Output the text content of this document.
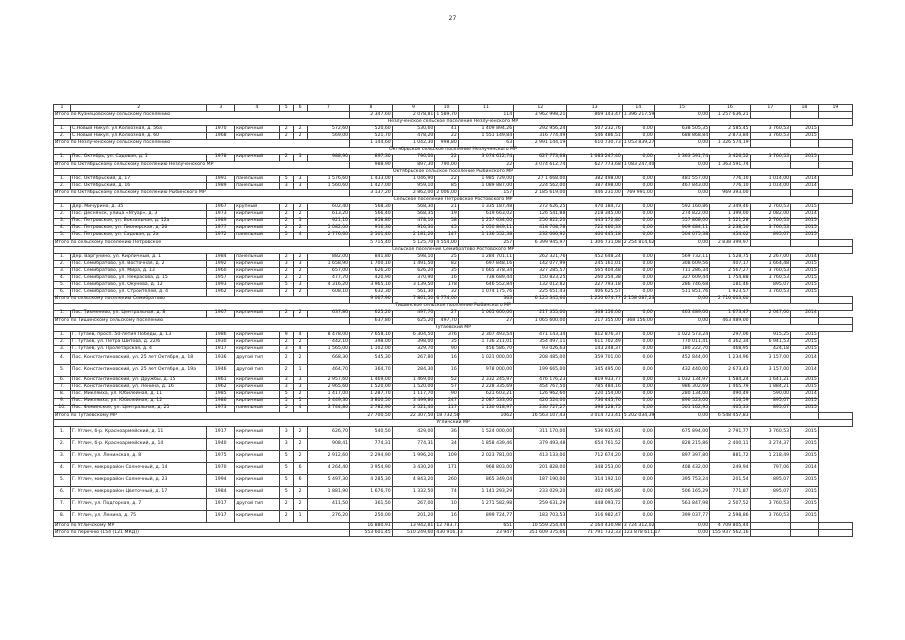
27
1	2	3	4	5	6	7	8	9	10	11	12	13	14	15	16	17	18	19
Итого по Кузнецовскому сельскому поселению							2 347,60	2 078,81	1 589,70	114	3 962 998,21	869 143,47	1 396 217,59	0,00	1 257 636,21			
Незлученское сельское поселение Незлученского МР																		
1.	С.Новый Никул. ул.Колхозная, д. 56а	1970	кирпичный	2	2	572,60	520,60	530,60	41	1 409 894,26	292 956,24	507 232,76	0,00	638 505,35	2 585,45	3 760,53	2015	
2.	С.Новый Никул. ул.Колхозная, д. 60	1968	кирпичный	2	2	569,00	521,70	478,20	22	1 551 149,84	316 774,49	546 486,51	0,00	688 868,84	2 873,84	3 760,53	2015	
Итого по Незлученскому сельскому поселению							1 144,60	1 042,30	998,80	63	2 991 144,19	610 730,73	1 053 839,27	0,00	1 326 574,19			
Октябрьское сельское поселение Незлученского МР																		
1.	Пос. Октябрь, ул. Садовая, д. 1	1978	кирпичный	2	3	988,90	897,30	790,00	22	3 074 612,74	627 773,68	1 083 247,40	0,00	1 363 591,74	3 426,52	3 760,53	2015	
Итого по Октябрьскому сельскому поселению Незлученского МР							988,90	897,30	790,00	22	3 074 612,74	627 773,68	1 083 247,40	0,00	1 363 591,74			
Октябрьское сельское поселение Рыбинского МР																		
1.	Пос. Октябрьский, д. 17	1991	панельный	5	3	1 576,60	1 433,00	1 046,90	22	1 985 729,00	27 1 668,00	382 498,00	0,00	481 557,00	776,10	1 014,00	2014	
2.	Пос. Октябрьский, д. 16	1989	панельный	3	3	1 560,60	1 427,00	959,10	85	1 089 887,00	224 562,00	387 498,00	0,00	467 843,00	776,10	1 014,00	2014	
Итого по Октябрьскому сельскому поселению Рыбинского МР							3 137,20	2 862,00	2 006,00	157	2 185 619,00	446 231,00	769 991,00	0,00	969 393,00			
Сельское поселение Петровское Ростовского МР																		
1.	Дер. Мичурино, д. 35	1967	крупный	2	2	602,40	568,30	568,30	21	1 335 187,48	272 626,25	470 184,72	0,00	592 160,86	2 349,46	2 760,53	2015	
2.	Пос. Деснянск, улица «Ягуар», д. 3	1973	кирпичный	2	2	613,20	566,40	568,35	19	619 663,02	126 541,88	218 345,00	0,00	274 822,00	1 399,00	2 082,00	2014	
3.	Пос. Петровское, ул. Вокзальная, д. 12а	1989	кирпичный	2	3	921,10	858,80	478,10	58	1 257 634,00	256 822,20	443 172,80	0,00	557 868,00	1 521,28	2 760,53	2015	
4.	Пос. Петровское, ул. Пионерская, д. 26	1977	кирпичный	2	2	1 082,00	916,30	916,30	45	2 050 849,11	418 708,78	722 460,33	0,00	909 484,11	2 238,50	3 760,53	2015	
5.	Пос. Петровское, ул. Садовая, д. 2а	1972	панельный	5	4	2 776,60	2 501,40	2 181,20	147	1 136 552,38	232 066,92	400 445,18	0,00	504 075,38	454,02	895,07	2015	
Итого по сельскому поселению Петровское							5 715,40	5 125,70	4 554,00	257	6 399 945,97	1 306 731,08	2 254 814,62	0,00	2 838 399,97			
Сельское поселение Семибратово Ростовского МР																		
1.	Дер. Варгунино, ул. Кирпичный, д. 1	1984	панельный	2	2	882,00	841,80	598,10	25	1 284 701,11	262 321,76	452 648,24	0,00	569 732,11	1 528,75	2 267,00	2014	
2.	Пос. Семибратово, ул. Восточная, д. 2	1992	кирпичный	3	3	1 658,90	1 700,10	1 491,50	82	697 848,16	142 077,99	245 161,01	0,00	308 609,56	407,17	1 664,48	2015	
3.	Пос. Семибратово, ул. Мира, д. 13	1960	кирпичный	2	2	657,00	626,20	626,20	35	1 665 378,34	327 285,57	565 404,48	0,00	711 286,34	2 567,27	3 760,53	2015	
4.	Пос. Семибратово, ул. Некрасова, д. 15	1957	кирпичный	2	2	477,70	420,90	370,90	16	738 689,44	150 823,25	260 254,38	0,00	327 609,44	1 754,88	3 760,53	2015	
5.	Пос. Семибратово, ул. Окунева, д. 12	1993	кирпичный	5	3	4 316,20	3 965,10	3 139,50	178	646 552,84	132 012,82	227 793,18	0,00	286 746,68	181,46	895,07	2015	
6.	Пос. Семибратово, ул. Строителей, д. 4	1962	кирпичный	2	2	608,10	632,30	561,30	32	1 074 175,76	225 651,43	406 625,57	0,00	511 851,76	1 923,57	3 760,53	2015	
Итого по сельскому поселению Семибратово							9 067,90	7 861,50	6 774,00	363	6 125 345,60	1 250 674,77	2 158 087,23	0,00	2 716 603,60			
Тишинское сельское поселение Рыбинского МР																		
1.	Пос. Тихменево, ул. Центральная, д. 8	1967	кирпичный	2	2	637,80	625,20	497,70	27	1 065 600,00	217 355,00	368 156,00	0,00	463 489,00	1 673,47	2 047,00	2014	
Итого по Тишинскому сельскому поселению							637,80	625,20	497,70	27	1 065 600,00	217 355,00	368 156,00	0,00	463 489,00			
Тутаевский МР																		
1.	Г. Тутаев, просп. 50-летия Победы, д. 13	1986	кирпичный	9	4	8 478,00	7 658,10	6 304,50	376	2 307 493,54	471 143,34	812 876,37	0,00	1 022 573,24	297,06	915,25	2015	
2.	Г. Тутаев, ул. Петра Шитова, д. 22/6	1930	кирпичный	2	2	442,10	398,00	398,00	35	1 736 211,01	354 497,11	611 702,49	0,00	770 011,41	4 362,34	6 941,53	2015	
3.	Г. Тутаев, ул. Пролетарская, д. 4	1917	кирпичный	3	4	1 565,00	1 102,00	329,70	90	456 586,70	93 026,63	143 248,37	0,00	180 222,70	468,95	424,18	2015	
4.	Пос. Константиновский, ул. 25 лет Октября, д. 18	1936	другой тип	2	2	668,30	545,30	267,80	16	1 021 000,00	208 485,00	359 701,00	0,00	452 844,00	1 234,96	3 157,00	2014	
5.	Пос. Константиновский, ул. 25 лет Октября, д. 19а	1946	другой тип	2	1	464,70	364,70	284,30	16	978 000,00	199 665,00	345 495,00	0,00	432 440,00	2 673,43	3 157,00	2014	
6.	Пос. Константиновский, ул. Дружбы, д. 15	1961	кирпичный	3	3	2 957,60	1 469,00	1 469,00	52	2 332 245,97	476 176,23	819 933,77	0,00	1 032 134,97	1 584,24	1 641,21	2015	
7.	Пос. Константиновский, ул. Ленина, д. 16	1962	кирпичный	3	3	2 965,60	1 520,00	1 520,00	57	2 228 335,69	454 767,50	785 484,16	0,00	986 302,69	1 465,79	1 884,21	2015	
8.	Пос. Микляиха, ул. Юбилейная, д. 11	1985	кирпичный	5	2	1 417,00	1 287,70	1 117,70	90	621 603,21	126 962,60	220 154,00	0,00	280 134,00	490,49	590,00	2014	
9.	Пос. Микляиха, ул. Юбилейная, д. 12	1986	кирпичный	5	5	3 449,30	3 800,50	3 499,80	247	2 087 533,00	426 524,00	736 445,76	0,00	896 523,00	416,59	895,07	2015	
10.	Пос. Фоминское, ул. Центральная, д. 25	1973	панельный	5	4	3 744,80	2 782,90	2 521,40	117	1 130 018,97	230 727,27	398 128,75	0,00	501 162,95	405,33	895,07	2015	
Итого по Тутаевскому МР							27 700,50	22 307,50	18 732,50	1062	16 563 107,43	3 014 723,41	5 202 034,39	0,00	6 548 457,83			
Угличский МР																		
1.	Г. Углич, б-р. Красноармейский, д. 11	1917	кирпичный	3	2	626,70	540,50	429,00	36	1 524 000,00	311 170,00	536 935,91	0,00	675 894,00	2 791,77	3 760,53	2015	
2.	Г. Углич, б-р. Красноармейский, д. 14	1940	кирпичный	3	2	908,41	774,31	774,31	34	1 858 439,46	379 493,48	654 761,52	0,00	828 215,86	2 400,11	3 274,37	2015	
3.	Г. Углич, ул. Ленинская, д. 8	1975	кирпичный	5	2	2 912,60	2 294,90	1 996,20	109	2 023 781,00	413 133,00	712 674,20	0,00	897 397,80	881,72	1 218,49	2015	
4.	Г. Углич, микрорайон Солнечный, д. 14	1970	кирпичный	5	6	4 264,40	3 954,90	3 430,20	171	968 803,00	201 828,00	348 253,00	0,00	408 432,00	249,94	797,06	2014	
5.	Г. Углич, микрорайон Солнечный, д. 23	1994	кирпичный	5	6	5 497,30	4 285,30	4 843,20	260	865 349,04	187 190,00	314 192,10	0,00	395 753,24	201,54	895,07	2015	
6.	Г. Углич, микрорайон Цветочный, д. 17	1984	кирпичный	5	2	1 881,90	1 676,70	1 332,50	74	1 141 293,29	233 029,20	402 095,80	0,00	506 165,29	771,87	895,07	2015	
7.	Г. Углич, ул. Подгорная, д. 7	1917	другой тип	2	2	411,50	361,50	267,00	10	1 271 582,98	259 631,29	448 093,72	0,00	563 847,98	2 507,52	3 760,53	2015	
8.	Г. Углич, ул. Ленина, д. 75	1917	кирпичный	2	1	276,20	250,00	201,20	16	899 724,77	183 703,53	316 982,47	0,00	399 037,77	2 598,86	3 760,53	2015	
Итого по Угличскому МР							16 880,91	13 942,81	12 783,71	651	10 559 254,44	2 164 430,98	3 724 312,02	0,00	4 709 805,44			
Итого по перечню (154 (121 МКД))							553 601,45	510 249,60	430 916,73	23 947	351 609 375,66	71 791 732,33	123 878 611,17	0,00	155 937 562,16			
